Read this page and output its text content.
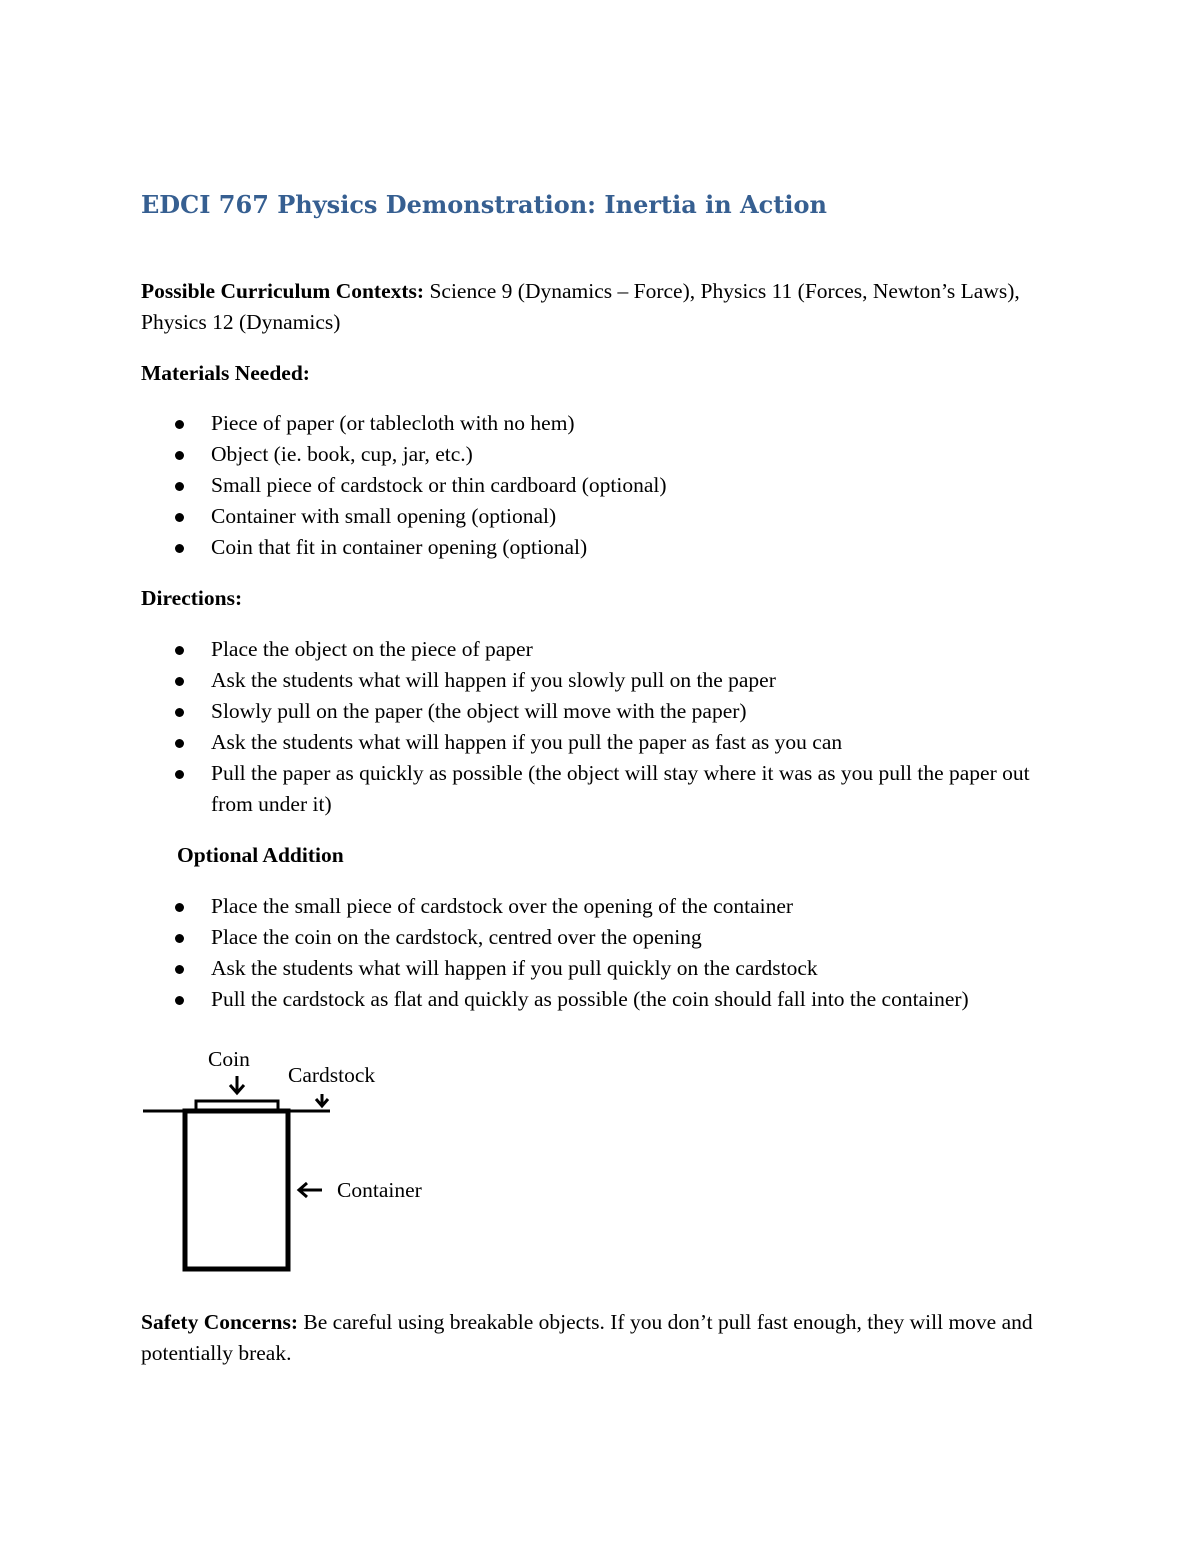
EDCI 767 Physics Demonstration: Inertia in Action
Possible Curriculum Contexts: Science 9 (Dynamics – Force), Physics 11 (Forces, Newton’s Laws), Physics 12 (Dynamics)
Materials Needed:
Piece of paper (or tablecloth with no hem)
Object (ie. book, cup, jar, etc.)
Small piece of cardstock or thin cardboard (optional)
Container with small opening (optional)
Coin that fit in container opening (optional)
Directions:
Place the object on the piece of paper
Ask the students what will happen if you slowly pull on the paper
Slowly pull on the paper (the object will move with the paper)
Ask the students what will happen if you pull the paper as fast as you can
Pull the paper as quickly as possible (the object will stay where it was as you pull the paper out from under it)
Optional Addition
Place the small piece of cardstock over the opening of the container
Place the coin on the cardstock, centred over the opening
Ask the students what will happen if you pull quickly on the cardstock
Pull the cardstock as flat and quickly as possible (the coin should fall into the container)
Coin
Cardstock
Container
Safety Concerns: Be careful using breakable objects. If you don’t pull fast enough, they will move and potentially break.
